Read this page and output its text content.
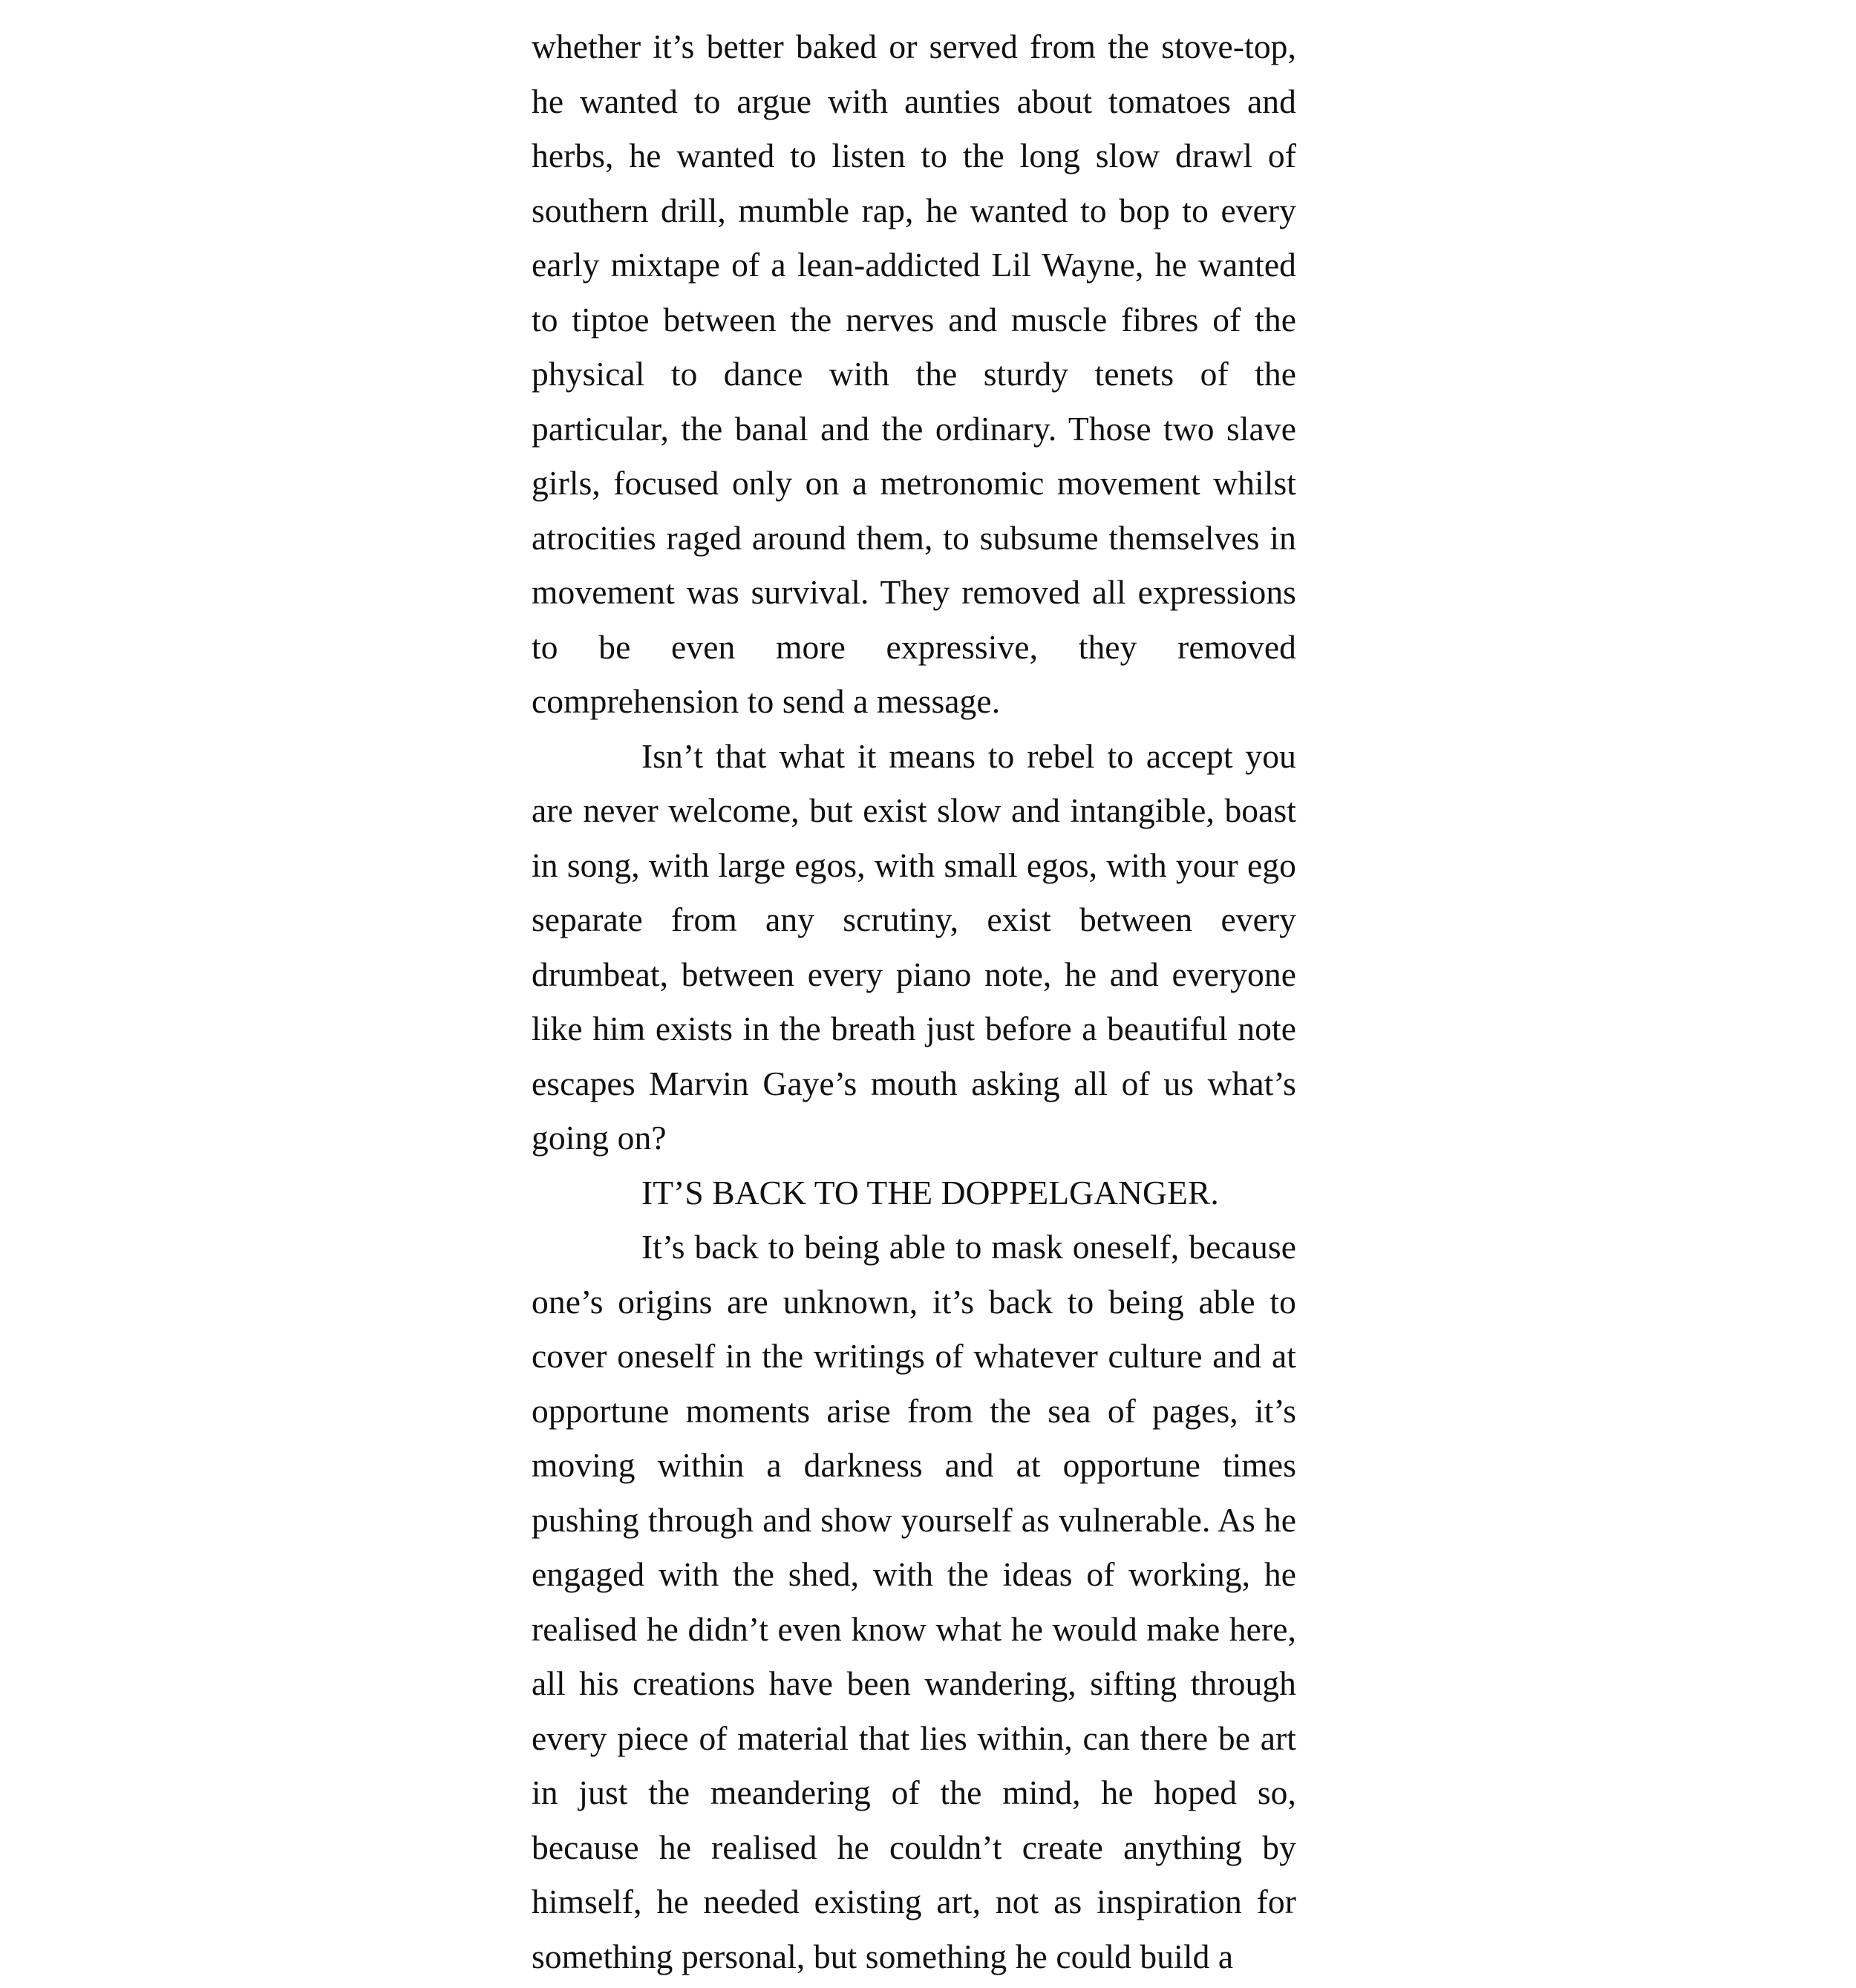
whether it’s better baked or served from the stove-top, he wanted to argue with aunties about tomatoes and herbs, he wanted to listen to the long slow drawl of southern drill, mumble rap, he wanted to bop to every early mixtape of a lean-addicted Lil Wayne, he wanted to tiptoe between the nerves and muscle fibres of the physical to dance with the sturdy tenets of the particular, the banal and the ordinary. Those two slave girls, focused only on a metronomic movement whilst atrocities raged around them, to subsume themselves in movement was survival. They removed all expressions to be even more expressive, they removed comprehension to send a message.

Isn’t that what it means to rebel to accept you are never welcome, but exist slow and intangible, boast in song, with large egos, with small egos, with your ego separate from any scrutiny, exist between every drumbeat, between every piano note, he and everyone like him exists in the breath just before a beautiful note escapes Marvin Gaye’s mouth asking all of us what’s going on?

IT’S BACK TO THE DOPPELGANGER.

It’s back to being able to mask oneself, because one’s origins are unknown, it’s back to being able to cover oneself in the writings of whatever culture and at opportune moments arise from the sea of pages, it’s moving within a darkness and at opportune times pushing through and show yourself as vulnerable. As he engaged with the shed, with the ideas of working, he realised he didn’t even know what he would make here, all his creations have been wandering, sifting through every piece of material that lies within, can there be art in just the meandering of the mind, he hoped so, because he realised he couldn’t create anything by himself, he needed existing art, not as inspiration for something personal, but something he could build a
